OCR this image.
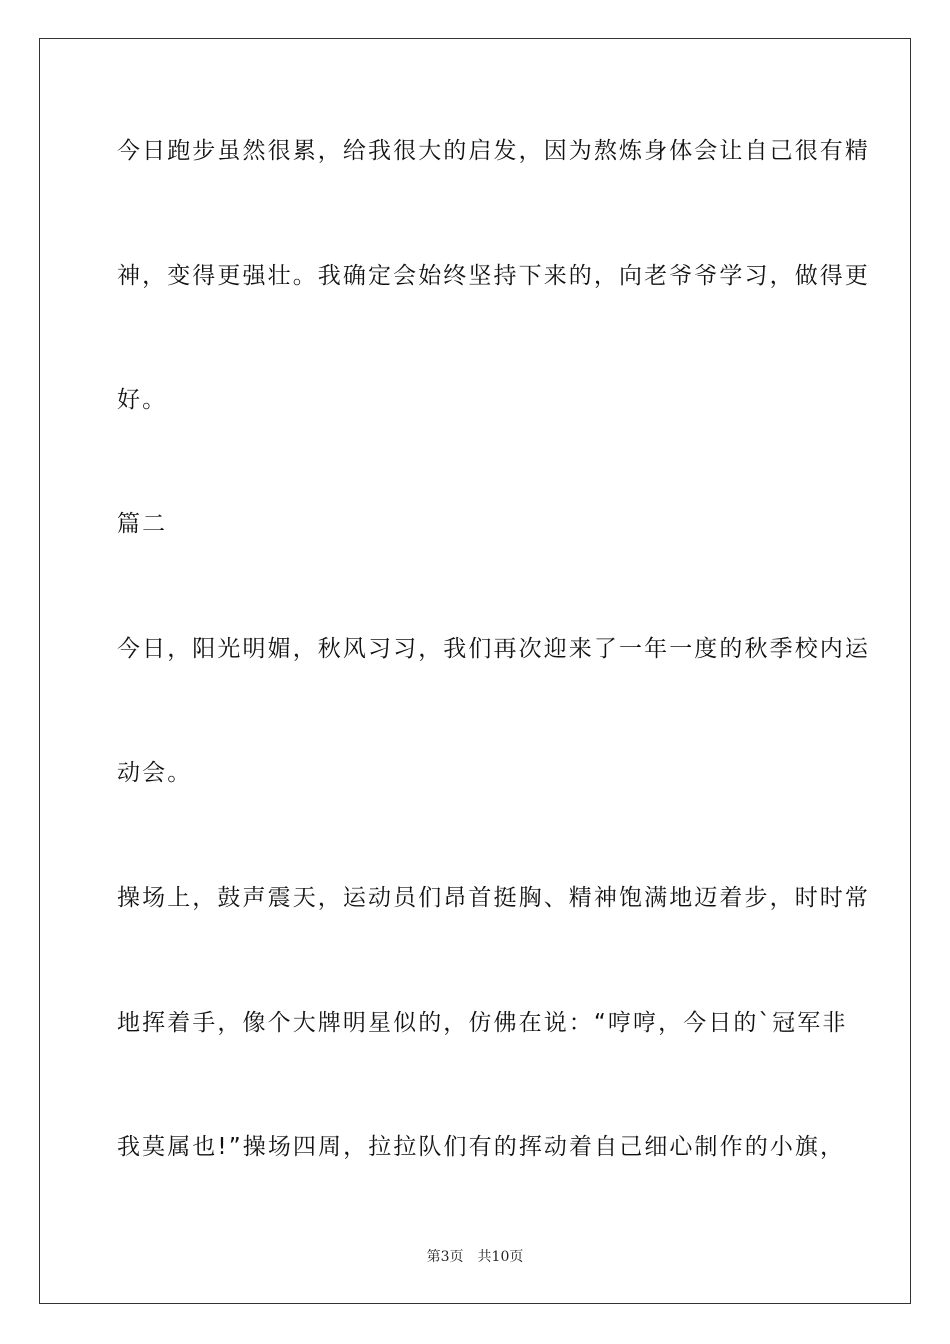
今日跑步虽然很累，给我很大的启发，因为熬炼身体会让自己很有精
神，变得更强壮。我确定会始终坚持下来的，向老爷爷学习，做得更
好。
篇二
今日，阳光明媚，秋风习习，我们再次迎来了一年一度的秋季校内运
动会。
操场上，鼓声震天，运动员们昂首挺胸、精神饱满地迈着步，时时常
地挥着手，像个大牌明星似的，仿佛在说：“哼哼，今日的`冠军非
我莫属也!”操场四周，拉拉队们有的挥动着自己细心制作的小旗，
第3页 共10页
